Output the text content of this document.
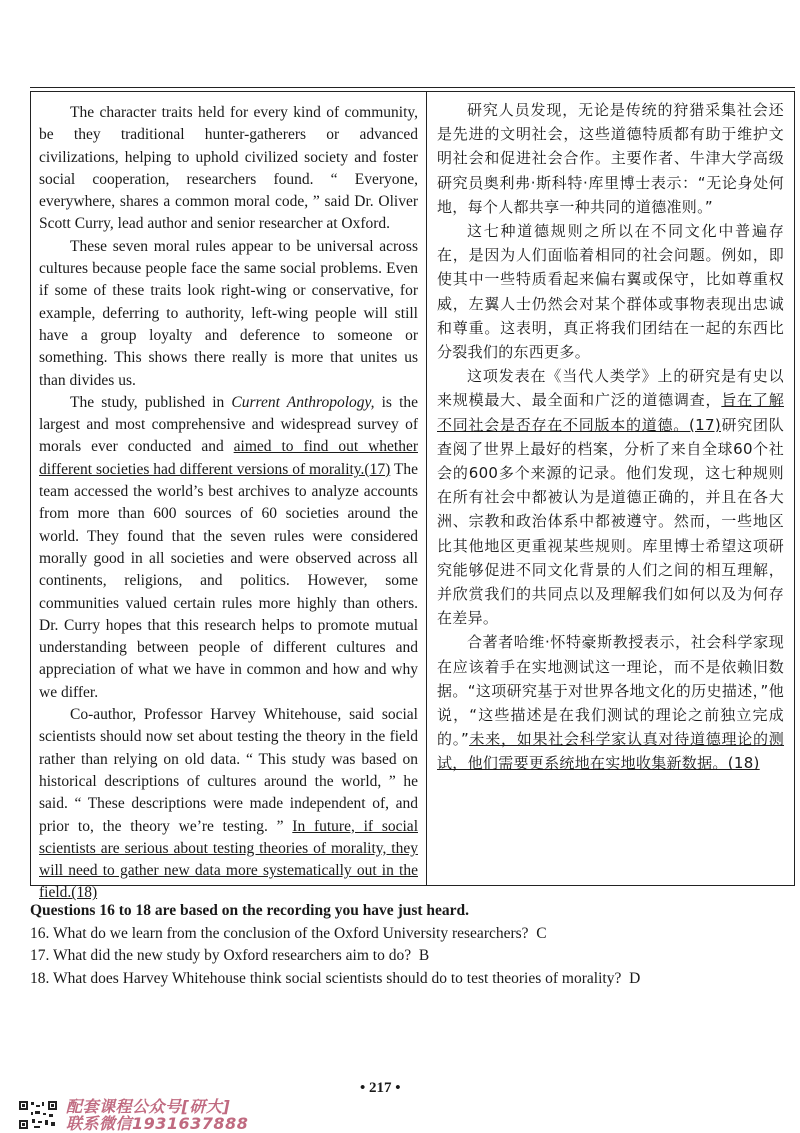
The character traits held for every kind of community, be they traditional hunter-gatherers or advanced civilizations, helping to uphold civilized society and foster social cooperation, researchers found. “ Everyone, everywhere, shares a common moral code, ” said Dr. Oliver Scott Curry, lead author and senior researcher at Oxford.

These seven moral rules appear to be universal across cultures because people face the same social problems. Even if some of these traits look right-wing or conservative, for example, deferring to authority, left-wing people will still have a group loyalty and deference to someone or something. This shows there really is more that unites us than divides us.

The study, published in Current Anthropology, is the largest and most comprehensive and widespread survey of morals ever conducted and aimed to find out whether different societies had different versions of morality.(17) The team accessed the world’s best archives to analyze accounts from more than 600 sources of 60 societies around the world. They found that the seven rules were considered morally good in all societies and were observed across all continents, religions, and politics. However, some communities valued certain rules more highly than others. Dr. Curry hopes that this research helps to promote mutual understanding between people of different cultures and appreciation of what we have in common and how and why we differ.

Co-author, Professor Harvey Whitehouse, said social scientists should now set about testing the theory in the field rather than relying on old data. “ This study was based on historical descriptions of cultures around the world, ” he said. “ These descriptions were made independent of, and prior to, the theory we’re testing. ” In future, if social scientists are serious about testing theories of morality, they will need to gather new data more systematically out in the field.(18)

研究人员发现，无论是传统的狩猎采集社会还是先进的文明社会，这些道德特质都有助于维护文明社会和促进社会合作。主要作者、牛津大学高级研究员奥利弗·斯科特·库里博士表示：“无论身处何地，每个人都共享一种共同的道德准则。”

这七种道德规则之所以在不同文化中普遍存在，是因为人们面临着相同的社会问题。例如，即使其中一些特质看起来偏右翼或保守，比如尊重权威，左翼人士仍然会对某个群体或事物表现出忠诚和尊重。这表明，真正将我们团结在一起的东西比分裂我们的东西更多。

这项发表在《当代人类学》上的研究是有史以来规模最大、最全面和广泛的道德调查，旨在了解不同社会是否存在不同版本的道德。(17)研究团队查阅了世界上最好的档案，分析了来自全球60个社会的600多个来源的记录。他们发现，这七种规则在所有社会中都被认为是道德正确的，并且在各大洲、宗教和政治体系中都被遵守。然而，一些地区比其他地区更重视某些规则。库里博士希望这项研究能够促进不同文化背景的人们之间的相互理解，并欣赏我们的共同点以及理解我们如何以及为何存在差异。

合著者哈维·怀特豪斯教授表示，社会科学家现在应该着手在实地测试这一理论，而不是依赖旧数据。“这项研究基于对世界各地文化的历史描述，”他说，“这些描述是在我们测试的理论之前独立完成的。”未来，如果社会科学家认真对待道德理论的测试，他们需要更系统地在实地收集新数据。(18)

Questions 16 to 18 are based on the recording you have just heard.

16. What do we learn from the conclusion of the Oxford University researchers?  C

17. What did the new study by Oxford researchers aim to do?  B

18. What does Harvey Whitehouse think social scientists should do to test theories of morality?  D

• 217 •
配套课程公众号[研大]
联系微信1931637888
